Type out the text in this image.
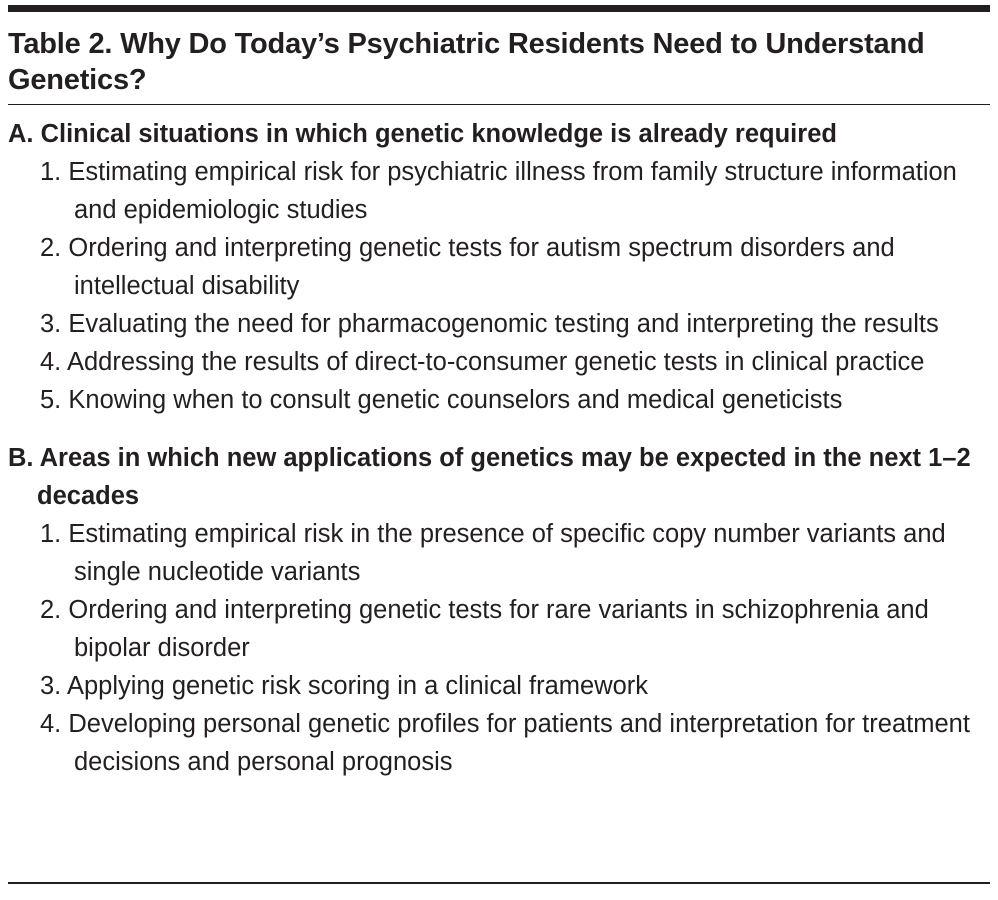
Table 2. Why Do Today’s Psychiatric Residents Need to Understand Genetics?
A. Clinical situations in which genetic knowledge is already required
1. Estimating empirical risk for psychiatric illness from family structure information and epidemiologic studies
2. Ordering and interpreting genetic tests for autism spectrum disorders and intellectual disability
3. Evaluating the need for pharmacogenomic testing and interpreting the results
4. Addressing the results of direct-to-consumer genetic tests in clinical practice
5. Knowing when to consult genetic counselors and medical geneticists
B. Areas in which new applications of genetics may be expected in the next 1–2 decades
1. Estimating empirical risk in the presence of specific copy number variants and single nucleotide variants
2. Ordering and interpreting genetic tests for rare variants in schizophrenia and bipolar disorder
3. Applying genetic risk scoring in a clinical framework
4. Developing personal genetic profiles for patients and interpretation for treatment decisions and personal prognosis
